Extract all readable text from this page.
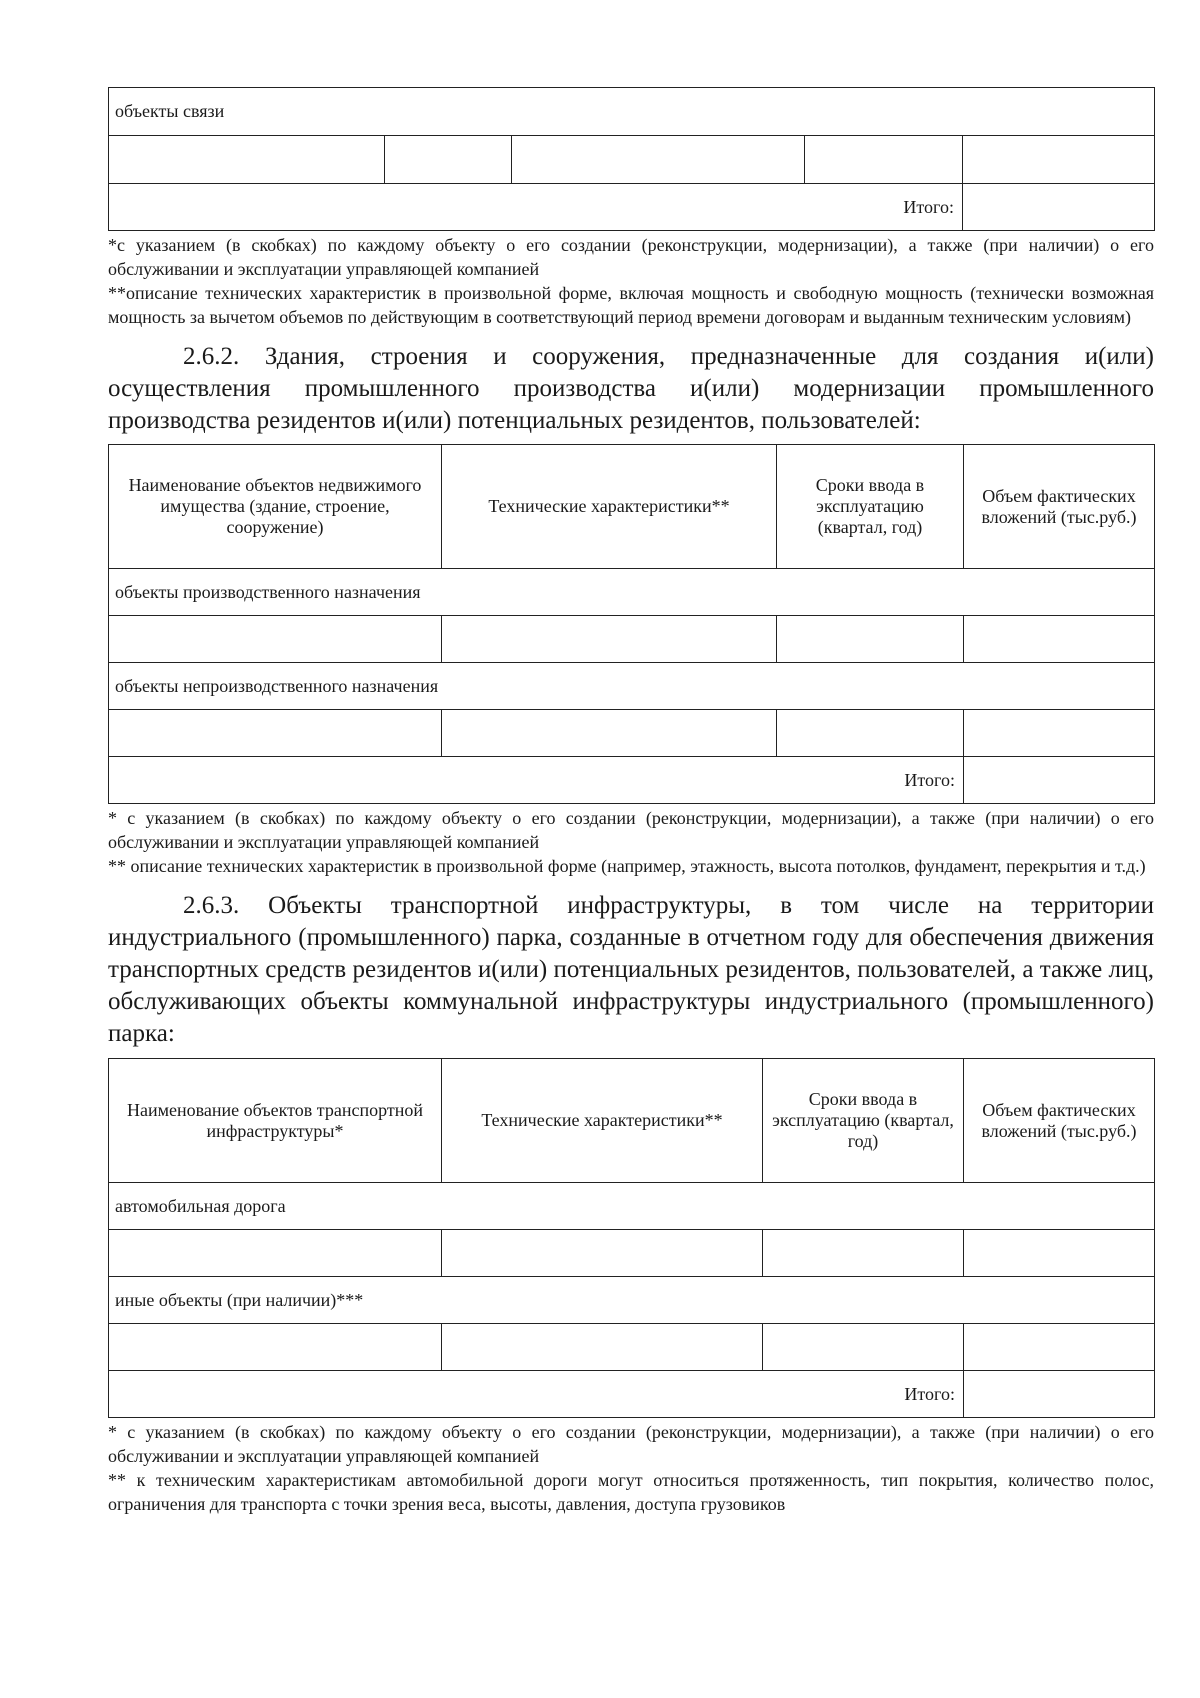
объекты связи				

Итого:				

*с указанием (в скобках) по каждому объекту о его создании (реконструкции, модернизации), а также (при наличии) о его обслуживании и эксплуатации управляющей компанией

**описание технических характеристик в произвольной форме, включая мощность и свободную мощность (технически возможная мощность за вычетом объемов по действующим в соответствующий период времени договорам и выданным техническим условиям)

2.6.2. Здания, строения и сооружения, предназначенные для создания и(или) осуществления промышленного производства и(или) модернизации промышленного производства резидентов и(или) потенциальных резидентов, пользователей:

Наименование объектов недвижимого имущества (здание, строение, сооружение)	Технические характеристики**	Сроки ввода в эксплуатацию (квартал, год)	Объем фактических вложений (тыс.руб.)
объекты производственного назначения			

объекты непроизводственного назначения			

Итого:			

* с указанием (в скобках) по каждому объекту о его создании (реконструкции, модернизации), а также (при наличии) о его обслуживании и эксплуатации управляющей компанией

** описание технических характеристик в произвольной форме (например, этажность, высота потолков, фундамент, перекрытия и т.д.)

2.6.3. Объекты транспортной инфраструктуры, в том числе на территории индустриального (промышленного) парка, созданные в отчетном году для обеспечения движения транспортных средств резидентов и(или) потенциальных резидентов, пользователей, а также лиц, обслуживающих объекты коммунальной инфраструктуры индустриального (промышленного) парка:

Наименование объектов транспортной инфраструктуры*	Технические характеристики**	Сроки ввода в эксплуатацию (квартал, год)	Объем фактических вложений (тыс.руб.)
автомобильная дорога			

иные объекты (при наличии)***			

Итого:			

* с указанием (в скобках) по каждому объекту о его создании (реконструкции, модернизации), а также (при наличии) о его обслуживании и эксплуатации управляющей компанией

** к техническим характеристикам автомобильной дороги могут относиться протяженность, тип покрытия, количество полос, ограничения для транспорта с точки зрения веса, высоты, давления, доступа грузовиков
